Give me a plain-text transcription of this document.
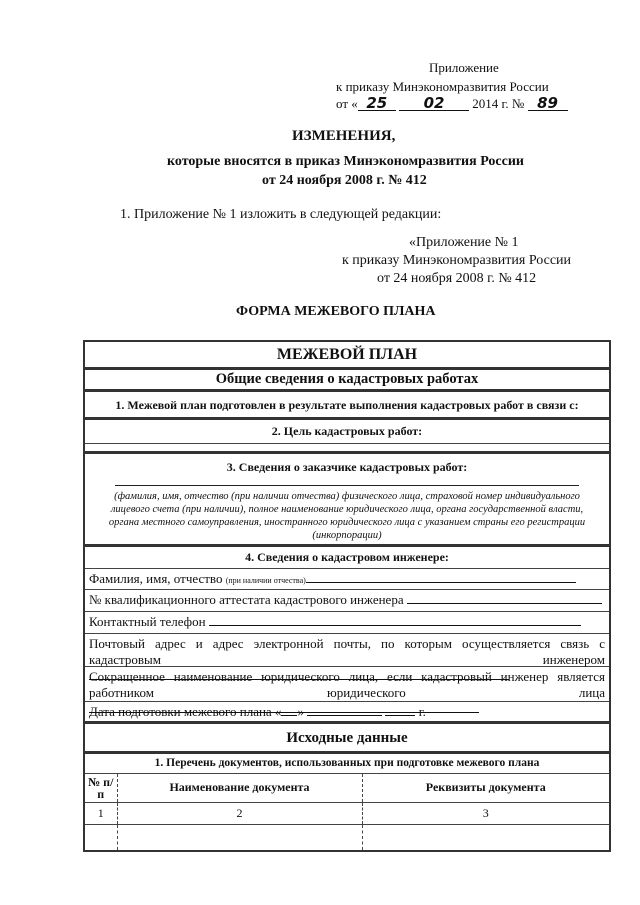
Приложение
к приказу Минэкономразвития России
от « 25 02 2014 г. № 89
ИЗМЕНЕНИЯ,
которые вносятся в приказ Минэкономразвития России
от 24 ноября 2008 г. № 412
1. Приложение № 1 изложить в следующей редакции:
«Приложение № 1
к приказу Минэкономразвития России
от 24 ноября 2008 г. № 412
ФОРМА МЕЖЕВОГО ПЛАНА
МЕЖЕВОЙ ПЛАН
Общие сведения о кадастровых работах
1. Межевой план подготовлен в результате выполнения кадастровых работ в связи с:
2. Цель кадастровых работ:
3. Сведения о заказчике кадастровых работ:
(фамилия, имя, отчество (при наличии отчества) физического лица, страховой номер индивидуального лицевого счета (при наличии), полное наименование юридического лица, органа государственной власти, органа местного самоуправления, иностранного юридического лица с указанием страны его регистрации (инкорпорации)
4. Сведения о кадастровом инженере:
Фамилия, имя, отчество (при наличии отчества)
№ квалификационного аттестата кадастрового инженера
Контактный телефон
Почтовый адрес и адрес электронной почты, по которым осуществляется связь с кадастровым инженером
Сокращенное наименование юридического лица, если кадастровый инженер является работником юридического лица
Дата подготовки межевого плана « »	г.
Исходные данные
1. Перечень документов, использованных при подготовке межевого плана
№ п/п	Наименование документа	Реквизиты документа
1	2	3
